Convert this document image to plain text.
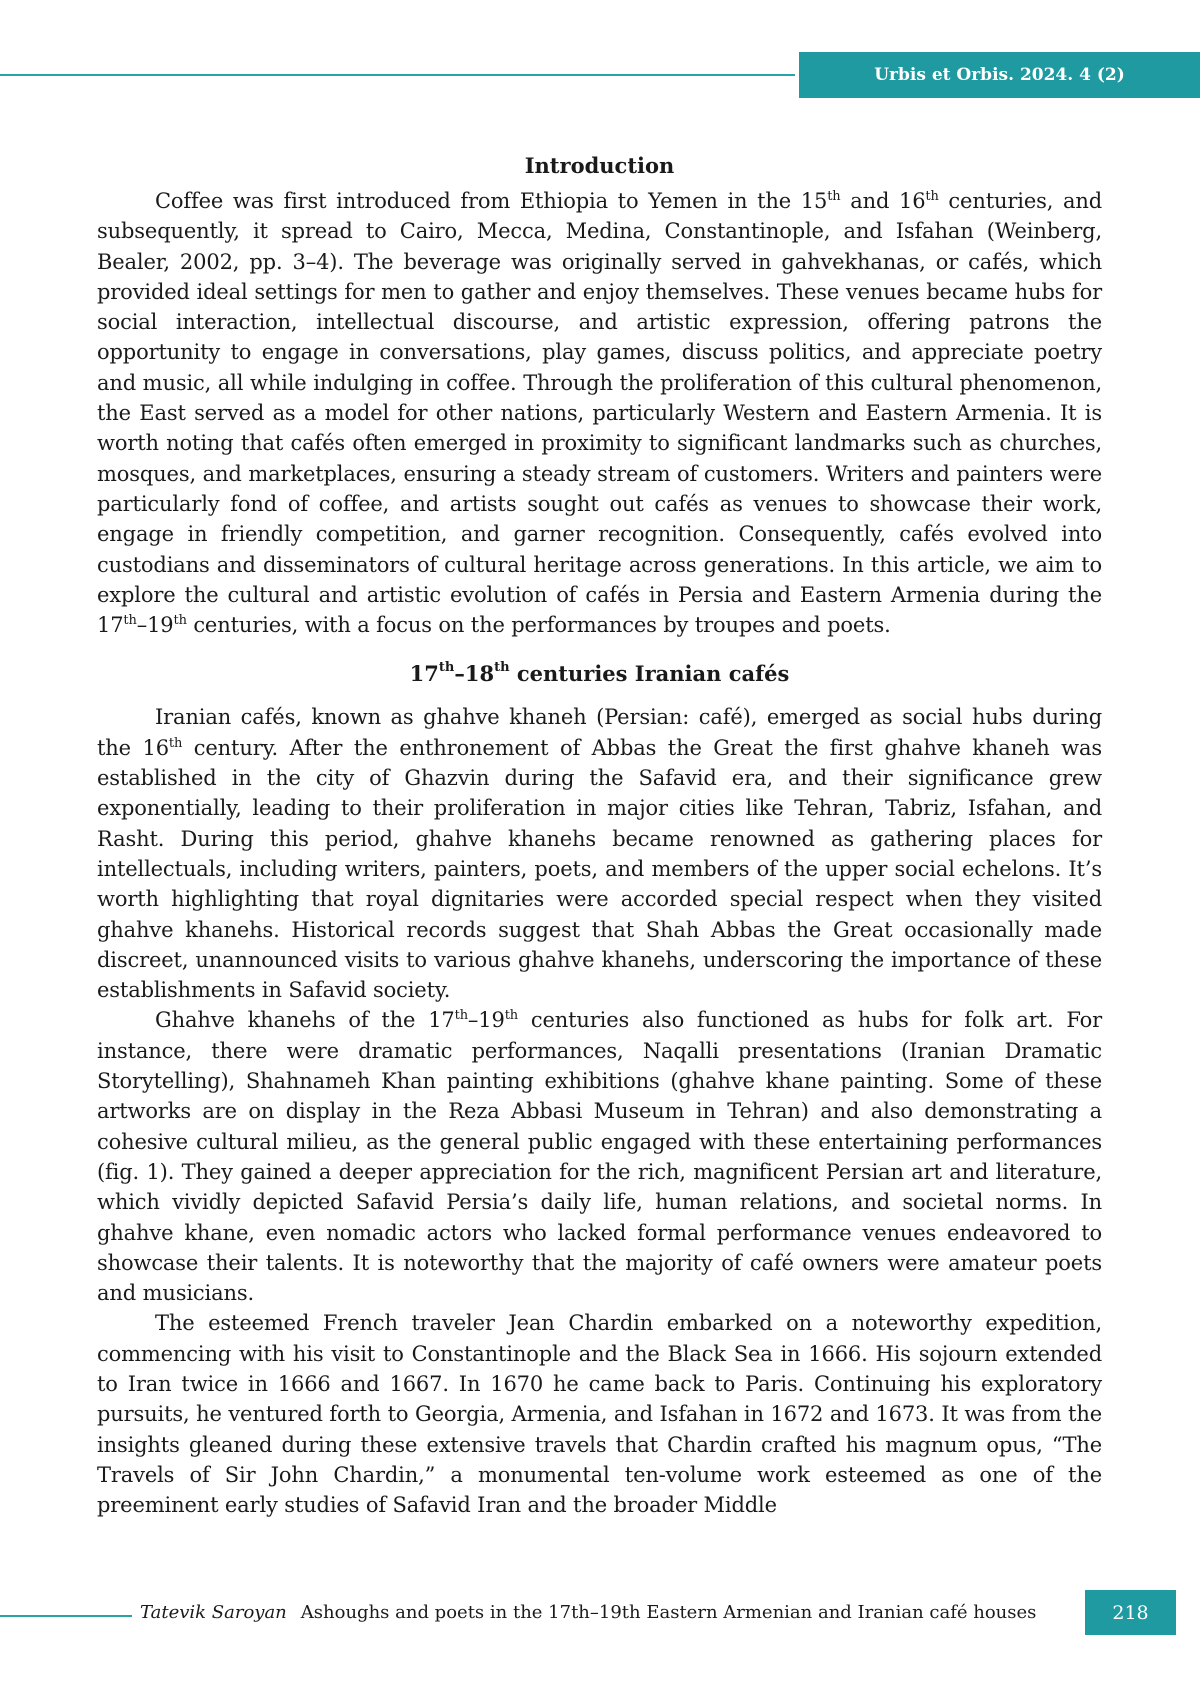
Urbis et Orbis. 2024. 4 (2)
Introduction

Coffee was first introduced from Ethiopia to Yemen in the 15th and 16th centuries, and subsequently, it spread to Cairo, Mecca, Medina, Constantinople, and Isfahan (Weinberg, Bealer, 2002, pp. 3–4). The beverage was originally served in gahvekhanas, or cafés, which provided ideal settings for men to gather and enjoy themselves. These venues became hubs for social interaction, intellectual discourse, and artistic expression, offering patrons the opportunity to engage in conversations, play games, discuss politics, and appreciate poetry and music, all while indulging in coffee. Through the proliferation of this cultural phenomenon, the East served as a model for other nations, particularly Western and Eastern Armenia. It is worth noting that cafés often emerged in proximity to significant landmarks such as churches, mosques, and marketplaces, ensuring a steady stream of customers. Writers and painters were particularly fond of coffee, and artists sought out cafés as venues to showcase their work, engage in friendly competition, and garner recognition. Consequently, cafés evolved into custodians and disseminators of cultural heritage across generations. In this article, we aim to explore the cultural and artistic evolution of cafés in Persia and Eastern Armenia during the 17th–19th centuries, with a focus on the performances by troupes and poets.

17th–18th centuries Iranian cafés

Iranian cafés, known as ghahve khaneh (Persian: café), emerged as social hubs during the 16th century. After the enthronement of Abbas the Great the first ghahve khaneh was established in the city of Ghazvin during the Safavid era, and their significance grew exponentially, leading to their proliferation in major cities like Tehran, Tabriz, Isfahan, and Rasht. During this period, ghahve khanehs became renowned as gathering places for intellectuals, including writers, painters, poets, and members of the upper social echelons. It’s worth highlighting that royal dignitaries were accorded special respect when they visited ghahve khanehs. Historical records suggest that Shah Abbas the Great occasionally made discreet, unannounced visits to various ghahve khanehs, underscoring the importance of these establishments in Safavid society.

Ghahve khanehs of the 17th–19th centuries also functioned as hubs for folk art. For instance, there were dramatic performances, Naqalli presentations (Iranian Dramatic Storytelling), Shahnameh Khan painting exhibitions (ghahve khane painting. Some of these artworks are on display in the Reza Abbasi Museum in Tehran) and also demonstrating a cohesive cultural milieu, as the general public engaged with these entertaining performances (fig. 1). They gained a deeper appreciation for the rich, magnificent Persian art and literature, which vividly depicted Safavid Persia’s daily life, human relations, and societal norms. In ghahve khane, even nomadic actors who lacked formal performance venues endeavored to showcase their talents. It is noteworthy that the majority of café owners were amateur poets and musicians.

The esteemed French traveler Jean Chardin embarked on a noteworthy expedition, commencing with his visit to Constantinople and the Black Sea in 1666. His sojourn extended to Iran twice in 1666 and 1667. In 1670 he came back to Paris. Continuing his exploratory pursuits, he ventured forth to Georgia, Armenia, and Isfahan in 1672 and 1673. It was from the insights gleaned during these extensive travels that Chardin crafted his magnum opus, “The Travels of Sir John Chardin,” a monumental ten-volume work esteemed as one of the preeminent early studies of Safavid Iran and the broader Middle

Tatevik Saroyan Ashoughs and poets in the 17th–19th Eastern Armenian and Iranian café houses	218
